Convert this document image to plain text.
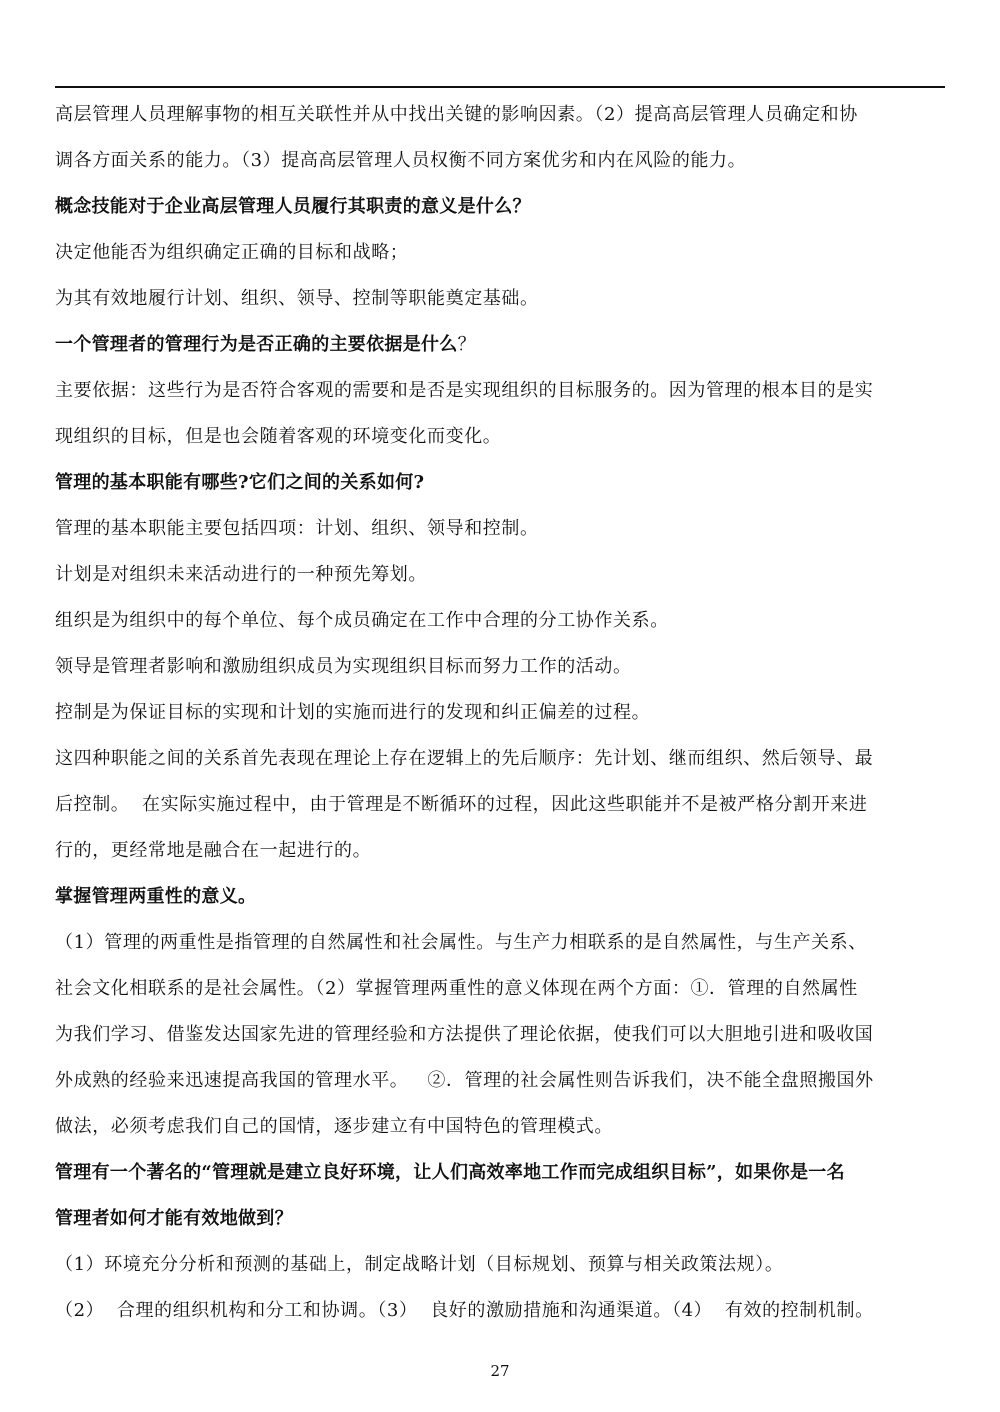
高层管理人员理解事物的相互关联性并从中找出关键的影响因素。（2）提高高层管理人员确定和协
调各方面关系的能力。（3）提高高层管理人员权衡不同方案优劣和内在风险的能力。
概念技能对于企业高层管理人员履行其职责的意义是什么？
决定他能否为组织确定正确的目标和战略；
为其有效地履行计划、组织、领导、控制等职能奠定基础。
一个管理者的管理行为是否正确的主要依据是什么？
主要依据：这些行为是否符合客观的需要和是否是实现组织的目标服务的。因为管理的根本目的是实
现组织的目标，但是也会随着客观的环境变化而变化。
管理的基本职能有哪些?它们之间的关系如何?
管理的基本职能主要包括四项：计划、组织、领导和控制。
计划是对组织未来活动进行的一种预先筹划。
组织是为组织中的每个单位、每个成员确定在工作中合理的分工协作关系。
领导是管理者影响和激励组织成员为实现组织目标而努力工作的活动。
控制是为保证目标的实现和计划的实施而进行的发现和纠正偏差的过程。
这四种职能之间的关系首先表现在理论上存在逻辑上的先后顺序：先计划、继而组织、然后领导、最
后控制。  在实际实施过程中，由于管理是不断循环的过程，因此这些职能并不是被严格分割开来进
行的，更经常地是融合在一起进行的。
掌握管理两重性的意义。
（1）管理的两重性是指管理的自然属性和社会属性。与生产力相联系的是自然属性，与生产关系、
社会文化相联系的是社会属性。（2）掌握管理两重性的意义体现在两个方面：①．管理的自然属性
为我们学习、借鉴发达国家先进的管理经验和方法提供了理论依据，使我们可以大胆地引进和吸收国
外成熟的经验来迅速提高我国的管理水平。   ②．管理的社会属性则告诉我们，决不能全盘照搬国外
做法，必须考虑我们自己的国情，逐步建立有中国特色的管理模式。
管理有一个著名的“管理就是建立良好环境，让人们高效率地工作而完成组织目标”，如果你是一名
管理者如何才能有效地做到？
（1）环境充分分析和预测的基础上，制定战略计划（目标规划、预算与相关政策法规）。
（2）  合理的组织机构和分工和协调。（3）  良好的激励措施和沟通渠道。（4）  有效的控制机制。
27
